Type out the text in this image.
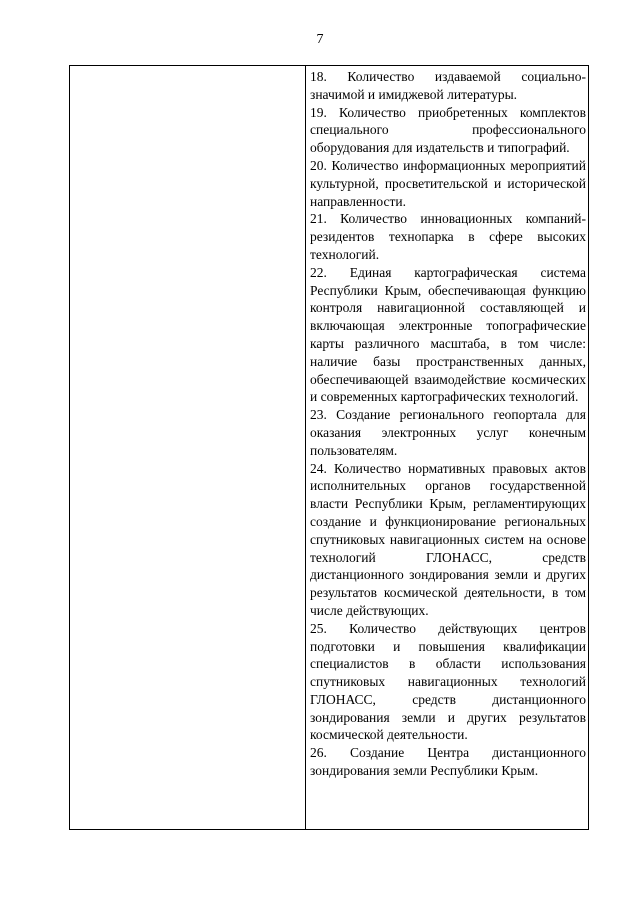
7

18. Количество издаваемой социально-значимой и имиджевой литературы.

19. Количество приобретенных комплектов специального профессионального оборудования для издательств и типографий.

20. Количество информационных мероприятий культурной, просветительской и исторической направленности.

21. Количество инновационных компаний-резидентов технопарка в сфере высоких технологий.

22. Единая картографическая система Республики Крым, обеспечивающая функцию контроля навигационной составляющей и включающая электронные топографические карты различного масштаба, в том числе: наличие базы пространственных данных, обеспечивающей взаимодействие космических и современных картографических технологий.

23. Создание регионального геопортала для оказания электронных услуг конечным пользователям.

24. Количество нормативных правовых актов исполнительных органов государственной власти Республики Крым, регламентирующих создание и функционирование региональных спутниковых навигационных систем на основе технологий ГЛОНАСС, средств дистанционного зондирования земли и других результатов космической деятельности, в том числе действующих.

25. Количество действующих центров подготовки и повышения квалификации специалистов в области использования спутниковых навигационных технологий ГЛОНАСС, средств дистанционного зондирования земли и других результатов космической деятельности.

26. Создание Центра дистанционного зондирования земли Республики Крым.
